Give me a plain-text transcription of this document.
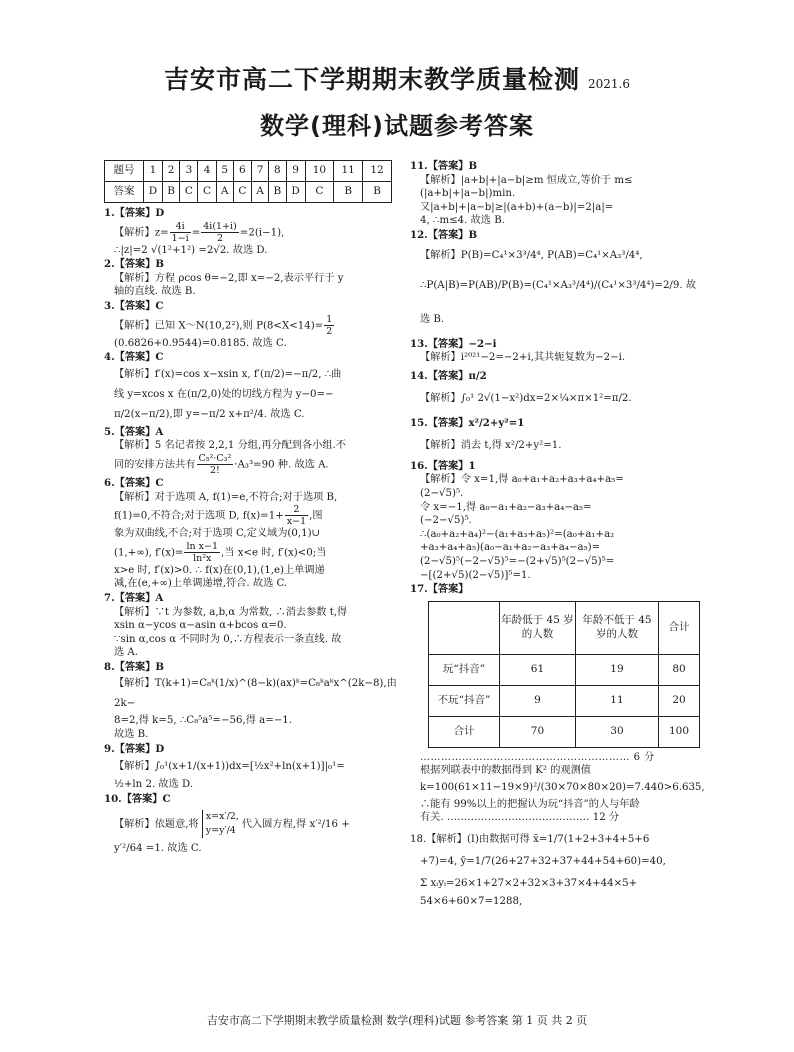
吉安市高二下学期期末教学质量检测 2021.6
数学(理科)试题参考答案
题号	1	2	3	4	5	6	7	8	9	10	11	12
答案	D	B	C	C	A	C	A	B	D	C	B	B

1.【答案】D

【解析】$z= \frac{4i}{1-i} = \frac{4i(1+i)}{2} =2(i-1)$,

∴|z|=2 √(1²+1²) =2√2. 故选 D.

2.【答案】B

【解析】方程 ρcos θ=−2,即 x=−2,表示平行于 y

轴的直线. 故选 B.

3.【答案】C

【解析】已知 X～N(10,2²),则 $P(8<X<14)= \frac{1}{2}$

(0.6826+0.9544)=0.8185. 故选 C.

4.【答案】C

【解析】f′(x)=cos x−xsin x, f′(π/2)=−π/2, ∴曲

线 y=xcos x 在(π/2,0)处的切线方程为 y−0=−

π/2(x−π/2),即 y=−π/2 x+π²/4. 故选 C.

5.【答案】A

【解析】5 名记者按 2,2,1 分组,再分配到各小组.不

同的安排方法共有 $\frac{\text{C₅²·C₃²}}{2!} \cdot A_3^3=90$ 种. 故选 A.

6.【答案】C

【解析】对于选项 A, f(1)=e,不符合;对于选项 B,

f(1)=0,不符合;对于选项 D, $f(x)=1+ \frac{2}{x-1}$ ,图

象为双曲线,不合;对于选项 C,定义域为(0,1)∪

(1,+∞), $f'(x)= \frac{\text{ln x−1}}{\text{ln²x}}$ ,当 x<e 时, f′(x)<0;当

x>e 时, f′(x)>0. ∴ f(x)在(0,1),(1,e)上单调递

减,在(e,+∞)上单调递增,符合. 故选 C.

7.【答案】A

【解析】∵t 为参数, a,b,α 为常数, ∴消去参数 t,得

xsin α−ycos α−asin α+bcos α=0.

∵sin α,cos α 不同时为 0,∴方程表示一条直线. 故

选 A.

8.【答案】B

【解析】T(k+1)=C₈ᵏ(1/x)^(8−k)(ax)ᵏ=C₈ᵏaᵏx^(2k−8),由 2k−

8=2,得 k=5, ∴C₈⁵a⁵=−56,得 a=−1.

故选 B.

9.【答案】D

【解析】∫₀¹(x+1/(x+1))dx=[½x²+ln(x+1)]|₀¹=

½+ln 2. 故选 D.

10.【答案】C

【解析】依题意,将
x=x′/2,
y=y′/4
代入圆方程,得 x′²/16 +

y′²/64 =1. 故选 C.

11.【答案】B

【解析】|a+b|+|a−b|≥m 恒成立,等价于 m≤

(|a+b|+|a−b|)min.

又|a+b|+|a−b|≥|(a+b)+(a−b)|=2|a|=

4, ∴m≤4. 故选 B.

12.【答案】B

【解析】P(B)=C₄¹×3³/4⁴, P(AB)=C₄¹×A₃³/4⁴,

∴P(A|B)=P(AB)/P(B)=(C₄¹×A₃³/4⁴)/(C₄¹×3³/4⁴)=2/9. 故选 B.

13.【答案】−2−i

【解析】i²⁰²¹−2=−2+i,其共轭复数为−2−i.

14.【答案】π/2

【解析】∫₀¹ 2√(1−x²)dx=2×¼×π×1²=π/2.

15.【答案】x²/2+y²=1

【解析】消去 t,得 x²/2+y²=1.

16.【答案】1

【解析】令 x=1,得 a₀+a₁+a₂+a₃+a₄+a₅=

(2−√5)⁵.

令 x=−1,得 a₀−a₁+a₂−a₃+a₄−a₅=

(−2−√5)⁵.

∴(a₀+a₂+a₄)²−(a₁+a₃+a₅)²=(a₀+a₁+a₂

+a₃+a₄+a₅)(a₀−a₁+a₂−a₃+a₄−a₅)=

(2−√5)⁵(−2−√5)⁵=−(2+√5)⁵(2−√5)⁵=

−[(2+√5)(2−√5)]⁵=1.

17.【答案】

	年龄低于 45 岁的人数	年龄不低于 45 岁的人数	合计
玩“抖音”	61	19	80
不玩“抖音”	9	11	20
合计	70	30	100

…………………………………………………… 6 分

根据列联表中的数据得到 K² 的观测值

k=100(61×11−19×9)²/(30×70×80×20)=7.440>6.635,

∴能有 99%以上的把握认为玩“抖音”的人与年龄

有关. …………………………………… 12 分

18.【解析】(Ⅰ)由数据可得 x̄=1/7(1+2+3+4+5+6

+7)=4, ȳ=1/7(26+27+32+37+44+54+60)=40,

Σ xᵢyᵢ=26×1+27×2+32×3+37×4+44×5+

54×6+60×7=1288,

吉安市高二下学期期末教学质量检测 数学(理科)试题 参考答案 第 1 页 共 2 页
